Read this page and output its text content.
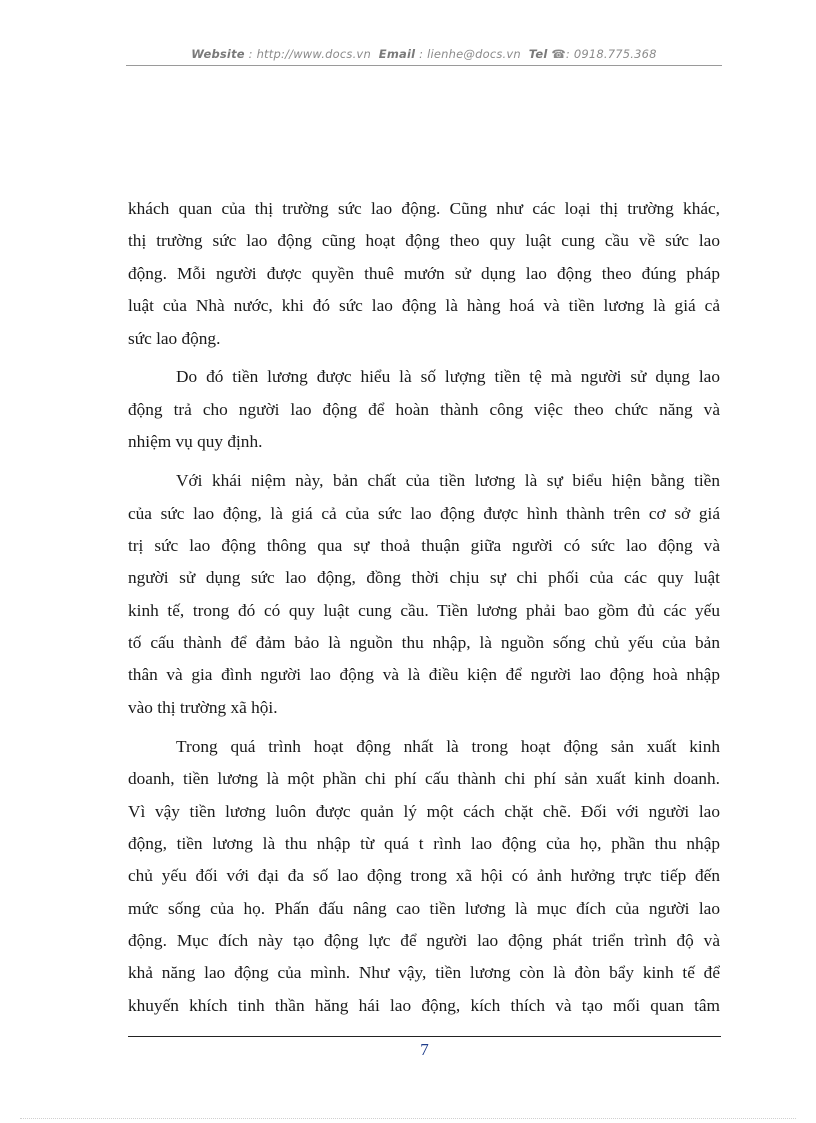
Website : http://www.docs.vn Email : lienhe@docs.vn Tel ☎: 0918.775.368

khách quan của thị trường sức lao động. Cũng như các loại thị trường khác,
thị trường sức lao động cũng hoạt động theo quy luật cung cầu về sức lao
động. Mỗi người được quyền thuê mướn sử dụng lao động theo đúng pháp
luật của Nhà nước, khi đó sức lao động là hàng hoá và tiền lương là giá cả
sức lao động.

Do đó tiền lương được hiểu là số lượng tiền tệ mà người sử dụng lao
động trả cho người lao động để hoàn thành công việc theo chức năng và
nhiệm vụ quy định.

Với khái niệm này, bản chất của tiền lương là sự biểu hiện bằng tiền
của sức lao động, là giá cả của sức lao động được hình thành trên cơ sở giá
trị sức lao động thông qua sự thoả thuận giữa người có sức lao động và
người sử dụng sức lao động, đồng thời chịu sự chi phối của các quy luật
kinh tế, trong đó có quy luật cung cầu. Tiền lương phải bao gồm đủ các yếu
tố cấu thành để đảm bảo là nguồn thu nhập, là nguồn sống chủ yếu của bản
thân và gia đình người lao động và là điều kiện để người lao động hoà nhập
vào thị trường xã hội.

Trong quá trình hoạt động nhất là trong hoạt động sản xuất kinh
doanh, tiền lương là một phần chi phí cấu thành chi phí sản xuất kinh doanh.
Vì vậy tiền lương luôn được quản lý một cách chặt chẽ. Đối với người lao
động, tiền lương là thu nhập từ quá t rình lao động của họ, phần thu nhập
chủ yếu đối với đại đa số lao động trong xã hội có ảnh hưởng trực tiếp đến
mức sống của họ. Phấn đấu nâng cao tiền lương là mục đích của người lao
động. Mục đích này tạo động lực để người lao động phát triển trình độ và
khả năng lao động của mình. Như vậy, tiền lương còn là đòn bẩy kinh tế để
khuyến khích tinh thần hăng hái lao động, kích thích và tạo mối quan tâm

7
